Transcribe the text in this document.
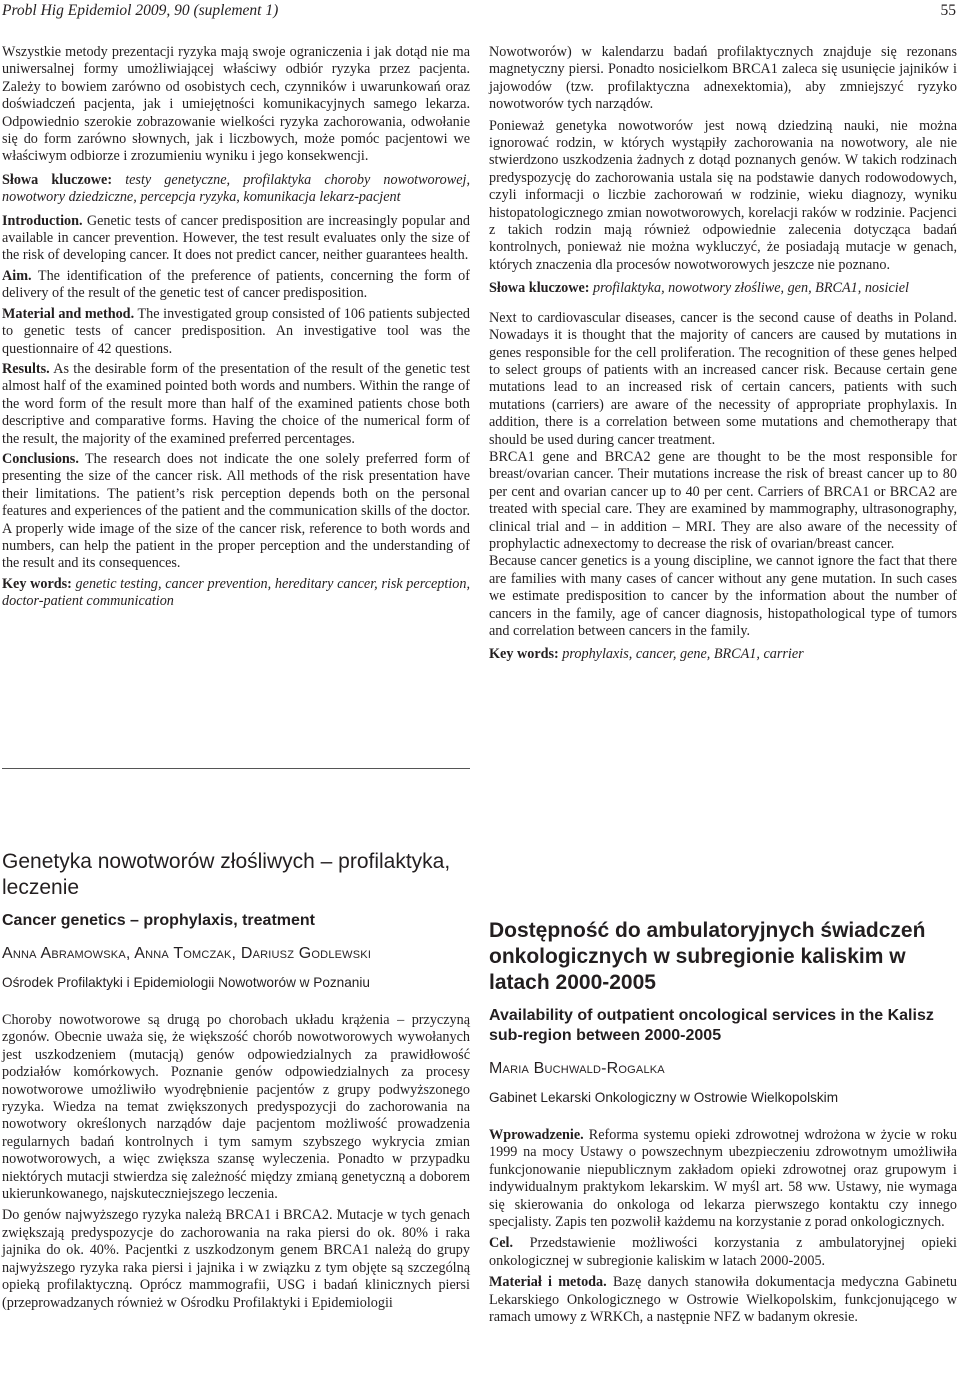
Probl Hig Epidemiol 2009, 90 (suplement 1)	55

Wszystkie metody prezentacji ryzyka mają swoje ograniczenia i jak dotąd nie ma uniwersalnej formy umożliwiającej właściwy odbiór ryzyka przez pacjenta. Zależy to bowiem zarówno od osobistych cech, czynników i uwarunkowań oraz doświadczeń pacjenta, jak i umiejętności komunikacyjnych samego lekarza. Odpowiednio szerokie zobrazowanie wielkości ryzyka zachorowania, odwołanie się do form zarówno słownych, jak i liczbowych, może pomóc pacjentowi we właściwym odbiorze i zrozumieniu wyniku i jego konsekwencji.

Słowa kluczowe: testy genetyczne, profilaktyka choroby nowotworowej, nowotwory dziedziczne, percepcja ryzyka, komunikacja lekarz-pacjent

Introduction. Genetic tests of cancer predisposition are increasingly popular and available in cancer prevention. However, the test result evaluates only the size of the risk of developing cancer. It does not predict cancer, neither guarantees health.

Aim. The identification of the preference of patients, concerning the form of delivery of the result of the genetic test of cancer predisposition.

Material and method. The investigated group consisted of 106 patients subjected to genetic tests of cancer predisposition. An investigative tool was the questionnaire of 42 questions.

Results. As the desirable form of the presentation of the result of the genetic test almost half of the examined pointed both words and numbers. Within the range of the word form of the result more than half of the examined patients chose both descriptive and comparative forms. Having the choice of the numerical form of the result, the majority of the examined preferred percentages.

Conclusions. The research does not indicate the one solely preferred form of presenting the size of the cancer risk. All methods of the risk presentation have their limitations. The patient’s risk perception depends both on the personal features and experiences of the patient and the communication skills of the doctor. A properly wide image of the size of the cancer risk, reference to both words and numbers, can help the patient in the proper perception and the understanding of the result and its consequences.

Key words: genetic testing, cancer prevention, hereditary cancer, risk perception, doctor-patient communication

Nowotworów) w kalendarzu badań profilaktycznych znajduje się rezonans magnetyczny piersi. Ponadto nosicielkom BRCA1 zaleca się usunięcie jajników i jajowodów (tzw. profilaktyczna adnexektomia), aby zmniejszyć ryzyko nowotworów tych narządów.

Ponieważ genetyka nowotworów jest nową dziedziną nauki, nie można ignorować rodzin, w których wystąpiły zachorowania na nowotwory, ale nie stwierdzono uszkodzenia żadnych z dotąd poznanych genów. W takich rodzinach predyspozycję do zachorowania ustala się na podstawie danych rodowodowych, czyli informacji o liczbie zachorowań w rodzinie, wieku diagnozy, wyniku histopatologicznego zmian nowotworowych, korelacji raków w rodzinie. Pacjenci z takich rodzin mają również odpowiednie zalecenia dotycząca badań kontrolnych, ponieważ nie można wykluczyć, że posiadają mutacje w genach, których znaczenia dla procesów nowotworowych jeszcze nie poznano.

Słowa kluczowe: profilaktyka, nowotwory złośliwe, gen, BRCA1, nosiciel

Next to cardiovascular diseases, cancer is the second cause of deaths in Poland. Nowadays it is thought that the majority of cancers are caused by mutations in genes responsible for the cell proliferation. The recognition of these genes helped to select groups of patients with an increased cancer risk. Because certain gene mutations lead to an increased risk of certain cancers, patients with such mutations (carriers) are aware of the necessity of appropriate prophylaxis. In addition, there is a correlation between some mutations and chemotherapy that should be used during cancer treatment.

BRCA1 gene and BRCA2 gene are thought to be the most responsible for breast/ovarian cancer. Their mutations increase the risk of breast cancer up to 80 per cent and ovarian cancer up to 40 per cent. Carriers of BRCA1 or BRCA2 are treated with special care. They are examined by mammography, ultrasonography, clinical trial and – in addition – MRI. They are also aware of the necessity of prophylactic adnexectomy to decrease the risk of ovarian/breast cancer.

Because cancer genetics is a young discipline, we cannot ignore the fact that there are families with many cases of cancer without any gene mutation. In such cases we estimate predisposition to cancer by the information about the number of cancers in the family, age of cancer diagnosis, histopathological type of tumors and correlation between cancers in the family.

Key words: prophylaxis, cancer, gene, BRCA1, carrier

Genetyka nowotworów złośliwych – profilaktyka, leczenie
Cancer genetics – prophylaxis, treatment
Anna Abramowska, Anna Tomczak, Dariusz Godlewski
Ośrodek Profilaktyki i Epidemiologii Nowotworów w Poznaniu

Choroby nowotworowe są drugą po chorobach układu krążenia – przyczyną zgonów. Obecnie uważa się, że większość chorób nowotworowych wywołanych jest uszkodzeniem (mutacją) genów odpowiedzialnych za prawidłowość podziałów komórkowych. Poznanie genów odpowiedzialnych za procesy nowotworowe umożliwiło wyodrębnienie pacjentów z grupy podwyższonego ryzyka. Wiedza na temat zwiększonych predyspozycji do zachorowania na nowotwory określonych narządów daje pacjentom możliwość prowadzenia regularnych badań kontrolnych i tym samym szybszego wykrycia zmian nowotworowych, a więc zwiększa szansę wyleczenia. Ponadto w przypadku niektórych mutacji stwierdza się zależność między zmianą genetyczną a doborem ukierunkowanego, najskuteczniejszego leczenia.

Do genów najwyższego ryzyka należą BRCA1 i BRCA2. Mutacje w tych genach zwiększają predyspozycje do zachorowania na raka piersi do ok. 80% i raka jajnika do ok. 40%. Pacjentki z uszkodzonym genem BRCA1 należą do grupy najwyższego ryzyka raka piersi i jajnika i w związku z tym objęte są szczególną opieką profilaktyczną. Oprócz mammografii, USG i badań klinicznych piersi (przeprowadzanych również w Ośrodku Profilaktyki i Epidemiologii

Dostępność do ambulatoryjnych świadczeń onkologicznych w subregionie kaliskim w latach 2000-2005
Availability of outpatient oncological services in the Kalisz sub-region between 2000-2005
Maria Buchwald-Rogalka
Gabinet Lekarski Onkologiczny w Ostrowie Wielkopolskim

Wprowadzenie. Reforma systemu opieki zdrowotnej wdrożona w życie w roku 1999 na mocy Ustawy o powszechnym ubezpieczeniu zdrowotnym umożliwiła funkcjonowanie niepublicznym zakładom opieki zdrowotnej oraz grupowym i indywidualnym praktykom lekarskim. W myśl art. 58 ww. Ustawy, nie wymaga się skierowania do onkologa od lekarza pierwszego kontaktu czy innego specjalisty. Zapis ten pozwolił każdemu na korzystanie z porad onkologicznych.

Cel. Przedstawienie możliwości korzystania z ambulatoryjnej opieki onkologicznej w subregionie kaliskim w latach 2000-2005.

Materiał i metoda. Bazę danych stanowiła dokumentacja medyczna Gabinetu Lekarskiego Onkologicznego w Ostrowie Wielkopolskim, funkcjonującego w ramach umowy z WRKCh, a następnie NFZ w badanym okresie.
